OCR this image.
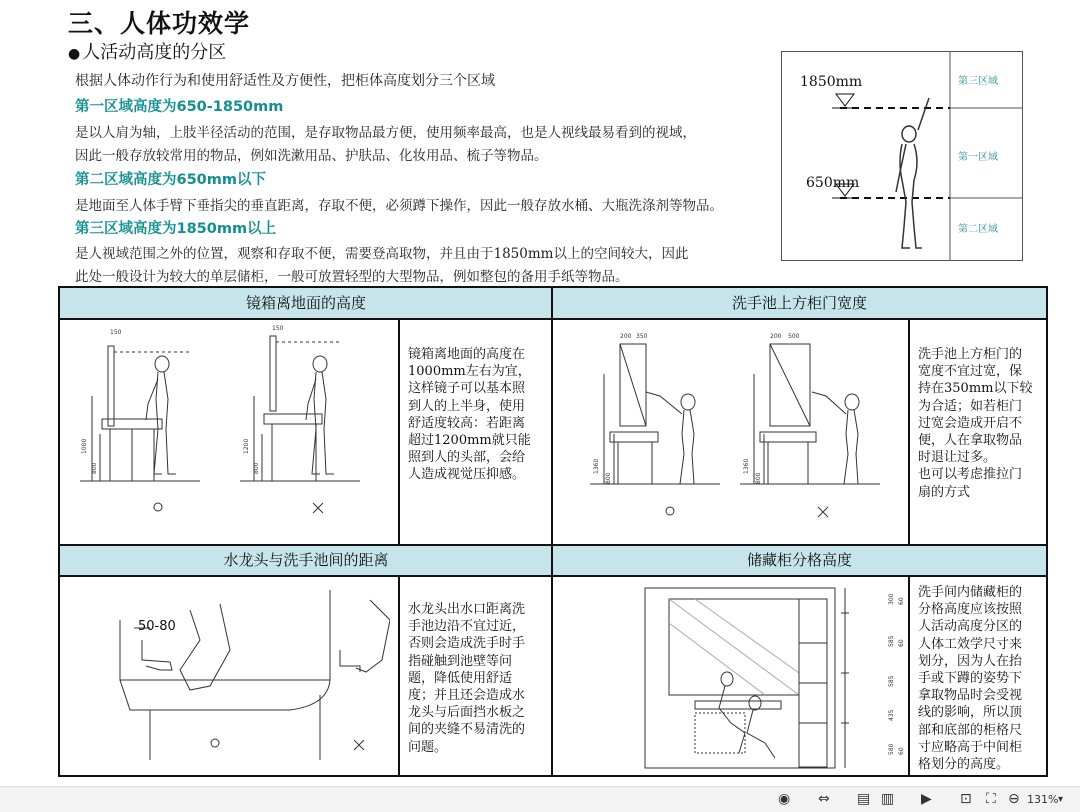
三、人体功效学
● 人活动高度的分区
根据人体动作行为和使用舒适性及方便性，把柜体高度划分三个区域
第一区域高度为650-1850mm
是以人肩为轴，上肢半径活动的范围，是存取物品最方便，使用频率最高，也是人视线最易看到的视域，
因此一般存放较常用的物品，例如洗漱用品、护肤品、化妆用品、梳子等物品。
第二区域高度为650mm以下
是地面至人体手臂下垂指尖的垂直距离，存取不便，必须蹲下操作，因此一般存放水桶、大瓶洗涤剂等物品。
第三区域高度为1850mm以上
是人视域范围之外的位置，观察和存取不便，需要登高取物，并且由于1850mm以上的空间较大，因此
此处一般设计为较大的单层储柜，一般可放置轻型的大型物品，例如整包的备用手纸等物品。
1850mm
650mm
第三区域
第一区域
第二区域
镜箱离地面的高度	洗手池上方柜门宽度
水龙头与洗手池间的距离	储藏柜分格高度
150
1000
800
150
1200
800
镜箱离地面的高度在
1000mm左右为宜，
这样镜子可以基本照
到人的上半身，使用
舒适度较高：若距离
超过1200mm就只能
照到人的头部，会给
人造成视觉压抑感。
200 350
1360
800
200 500
1360
800
洗手池上方柜门的
宽度不宜过宽，保
持在350mm以下较
为合适；如若柜门
过宽会造成开启不
便，人在拿取物品
时退让过多。
也可以考虑推拉门
扇的方式
50-80
水龙头出水口距离洗
手池边沿不宜过近，
否则会造成洗手时手
指碰触到池壁等问
题，降低使用舒适
度；并且还会造成水
龙头与后面挡水板之
间的夹缝不易清洗的
问题。
300 60
585 60
585
435
580 60
洗手间内储藏柜的
分格高度应该按照
人活动高度分区的
人体工效学尺寸来
划分，因为人在抬
手或下蹲的姿势下
拿取物品时会受视
线的影响，所以顶
部和底部的柜格尺
寸应略高于中间柜
格划分的高度。
◉ ⇔ ▤ ▥ ▶ ⊡ ⛶ ⊖ 131% ▾
